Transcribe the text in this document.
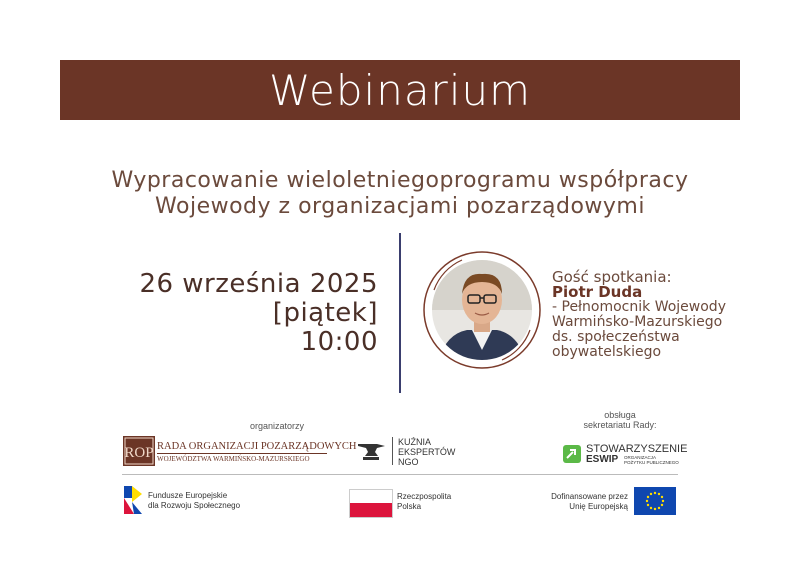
Webinarium
Wypracowanie wieloletniegoprogramu współpracy
Wojewody z organizacjami pozarządowymi
26 września 2025
[piątek]
10:00
Gość spotkania:
Piotr Duda
- Pełnomocnik Wojewody
Warmińsko-Mazurskiego
ds. społeczeństwa
obywatelskiego
organizatorzy
obsługa
sekretariatu Rady:
ROP RADA ORGANIZACJI POZARZĄDOWYCH
WOJEWÓDZTWA WARMIŃSKO-MAZURSKIEGO
KUŹNIA
EKSPERTÓW
NGO
STOWARZYSZENIE
ESWIP ORGANIZACJA
POŻYTKU PUBLICZNEGO
Fundusze Europejskie
dla Rozwoju Społecznego
Rzeczpospolita
Polska
Dofinansowane przez
Unię Europejską
